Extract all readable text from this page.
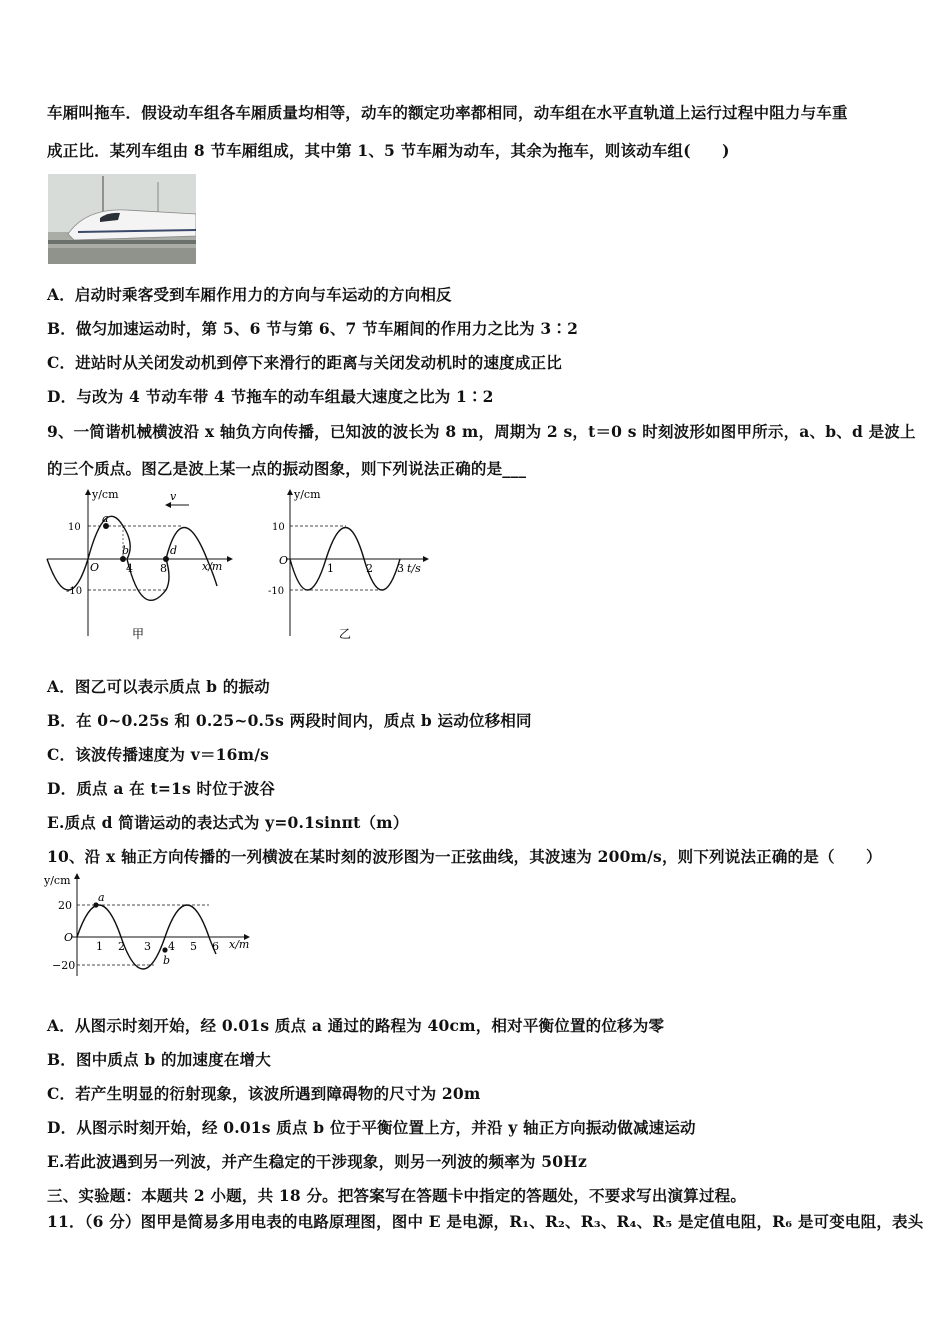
车厢叫拖车．假设动车组各车厢质量均相等，动车的额定功率都相同，动车组在水平直轨道上运行过程中阻力与车重
成正比．某列车组由 8 节车厢组成，其中第 1、5 节车厢为动车，其余为拖车，则该动车组(　　)
A．启动时乘客受到车厢作用力的方向与车运动的方向相反
B．做匀加速运动时，第 5、6 节与第 6、7 节车厢间的作用力之比为 3∶2
C．进站时从关闭发动机到停下来滑行的距离与关闭发动机时的速度成正比
D．与改为 4 节动车带 4 节拖车的动车组最大速度之比为 1∶2
9、一简谐机械横波沿 x 轴负方向传播，已知波的波长为 8 m，周期为 2 s，t＝0 s 时刻波形如图甲所示，a、b、d 是波上
的三个质点。图乙是波上某一点的振动图象，则下列说法正确的是___
y/cm	v
10
-10
O 4 8	x/m
a
b	d
甲
y/cm
10
-10
O
1	2 3 t/s
乙
A．图乙可以表示质点 b 的振动
B．在 0~0.25s 和 0.25~0.5s 两段时间内，质点 b 运动位移相同
C．该波传播速度为 v＝16m/s
D．质点 a 在 t=1s 时位于波谷
E.质点 d 简谐运动的表达式为 y=0.1sinπt（m）
10、沿 x 轴正方向传播的一列横波在某时刻的波形图为一正弦曲线，其波速为 200m/s，则下列说法正确的是（　　）
y/cm
20
−20
O
1 2 3 4 5 6 x/m
a
b
A．从图示时刻开始，经 0.01s 质点 a 通过的路程为 40cm，相对平衡位置的位移为零
B．图中质点 b 的加速度在增大
C．若产生明显的衍射现象，该波所遇到障碍物的尺寸为 20m
D．从图示时刻开始，经 0.01s 质点 b 位于平衡位置上方，并沿 y 轴正方向振动做减速运动
E.若此波遇到另一列波，并产生稳定的干涉现象，则另一列波的频率为 50Hz
三、实验题：本题共 2 小题，共 18 分。把答案写在答题卡中指定的答题处，不要求写出演算过程。
11．（6 分）图甲是简易多用电表的电路原理图，图中 E 是电源，R₁、R₂、R₃、R₄、R₅ 是定值电阻，R₆ 是可变电阻，表头
